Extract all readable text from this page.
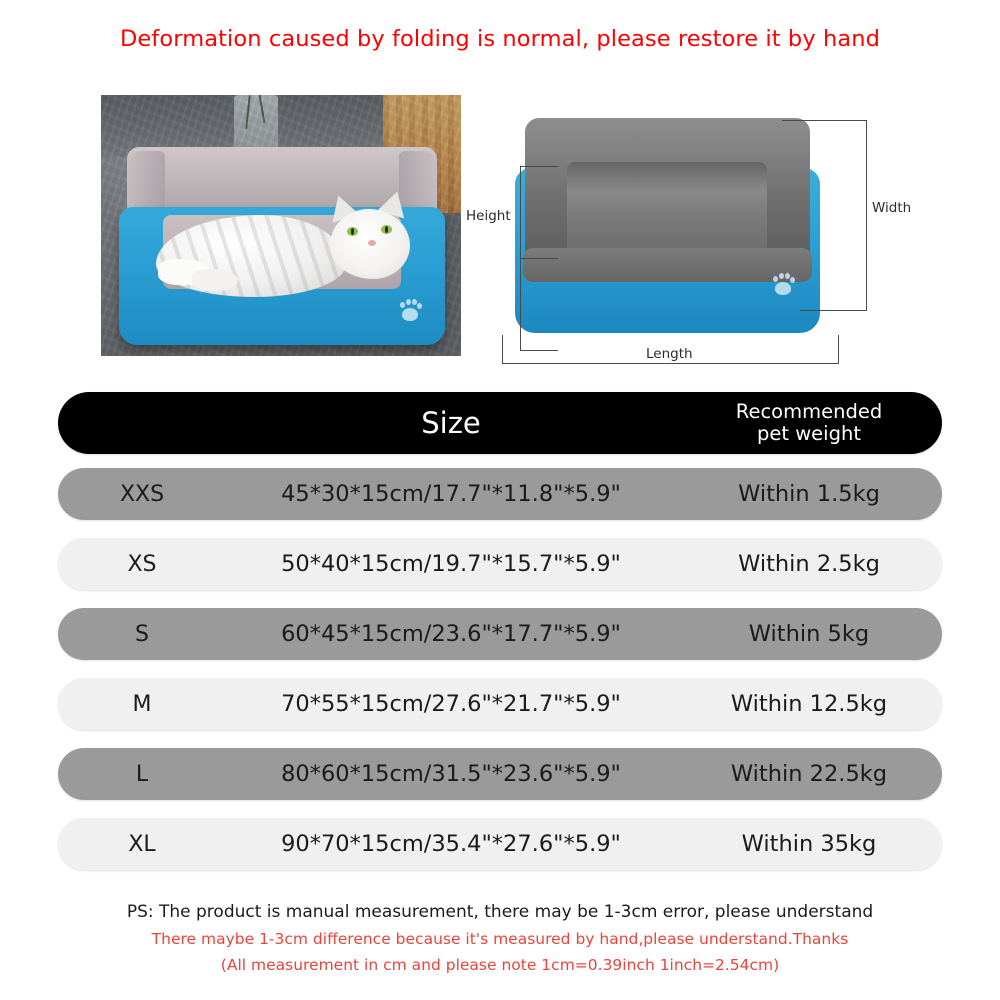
Deformation caused by folding is normal, please restore it by hand
Height
Length
Width
Size	Recommended
pet weight
XXS	45*30*15cm/17.7"*11.8"*5.9"	Within 1.5kg
XS	50*40*15cm/19.7"*15.7"*5.9"	Within 2.5kg
S	60*45*15cm/23.6"*17.7"*5.9"	Within 5kg
M	70*55*15cm/27.6"*21.7"*5.9"	Within 12.5kg
L	80*60*15cm/31.5"*23.6"*5.9"	Within 22.5kg
XL	90*70*15cm/35.4"*27.6"*5.9"	Within 35kg
PS: The product is manual measurement, there may be 1-3cm error, please understand
There maybe 1-3cm difference because it's measured by hand,please understand.Thanks
(All measurement in cm and please note 1cm=0.39inch 1inch=2.54cm)
